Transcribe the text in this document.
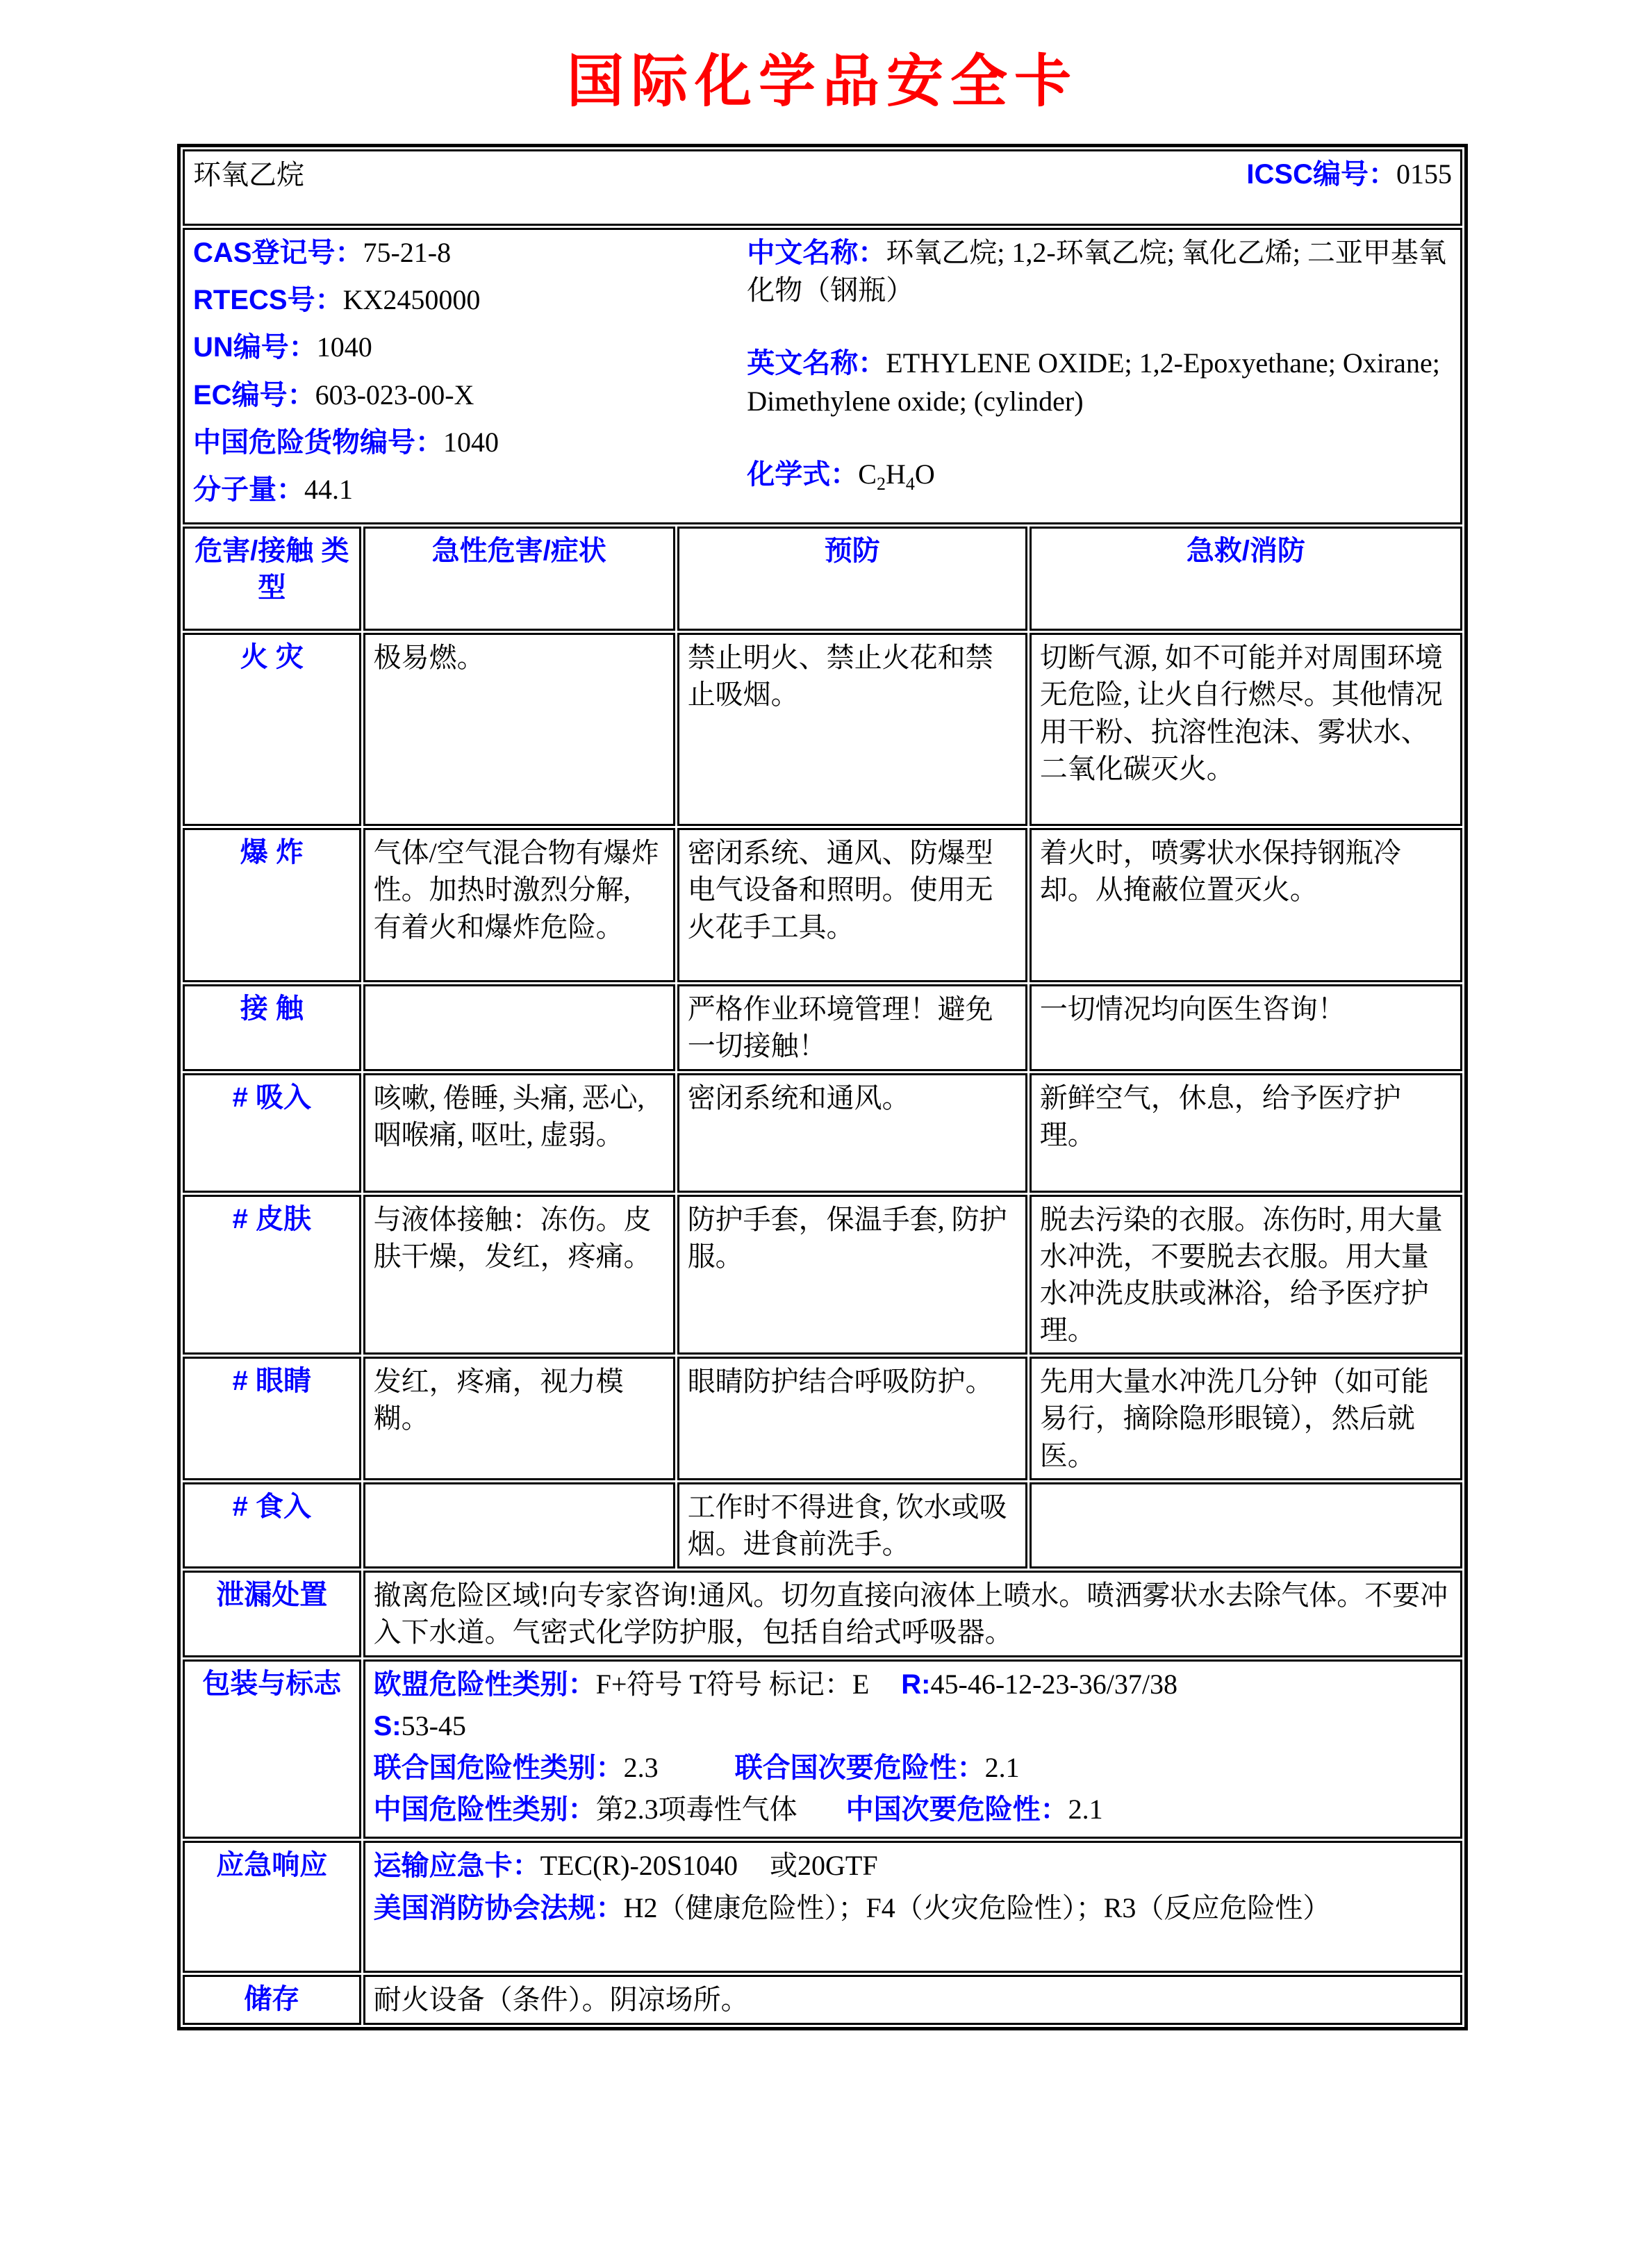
国际化学品安全卡
环氧乙烷 ICSC编号：0155			

CAS登记号：75-21-8
RTECS号：KX2450000
UN编号：1040
EC编号：603-023-00-X
中国危险货物编号：1040
分子量：44.1
中文名称：环氧乙烷; 1,2-环氧乙烷; 氧化乙烯; 二亚甲基氧化物（钢瓶）
英文名称：ETHYLENE OXIDE; 1,2-Epoxyethane; Oxirane; Dimethylene oxide; (cylinder)
化学式：$C_2H_4O$

危害/接触 类型	急性危害/症状	预防	急救/消防
火 灾	极易燃。	禁止明火、禁止火花和禁止吸烟。	切断气源, 如不可能并对周围环境无危险, 让火自行燃尽。其他情况用干粉、抗溶性泡沫、雾状水、二氧化碳灭火。
爆 炸	气体/空气混合物有爆炸性。加热时激烈分解, 有着火和爆炸危险。	密闭系统、通风、防爆型电气设备和照明。使用无火花手工具。	着火时，喷雾状水保持钢瓶冷却。从掩蔽位置灭火。
接 触		严格作业环境管理！避免一切接触！	一切情况均向医生咨询！
# 吸入	咳嗽, 倦睡, 头痛, 恶心, 咽喉痛, 呕吐, 虚弱。	密闭系统和通风。	新鲜空气，休息，给予医疗护理。
# 皮肤	与液体接触：冻伤。皮肤干燥，发红，疼痛。	防护手套，保温手套, 防护服。	脱去污染的衣服。冻伤时, 用大量水冲洗，不要脱去衣服。用大量水冲洗皮肤或淋浴，给予医疗护理。
# 眼睛	发红，疼痛，视力模糊。	眼睛防护结合呼吸防护。	先用大量水冲洗几分钟（如可能易行，摘除隐形眼镜），然后就医。
# 食入		工作时不得进食, 饮水或吸烟。进食前洗手。	
泄漏处置	撤离危险区域!向专家咨询!通风。切勿直接向液体上喷水。喷洒雾状水去除气体。不要冲入下水道。气密式化学防护服，包括自给式呼吸器。		
包装与标志	欧盟危险性类别：F+符号 T符号 标记：E R:45-46-12-23-36/37/38
S:53-45
联合国危险性类别：2.3 联合国次要危险性：2.1
中国危险性类别：第2.3项毒性气体 中国次要危险性：2.1		

应急响应	运输应急卡：TEC(R)-20S1040 或20GTF
美国消防协会法规：H2（健康危险性）；F4（火灾危险性）；R3（反应危险性）		

储存	耐火设备（条件）。阴凉场所。		
